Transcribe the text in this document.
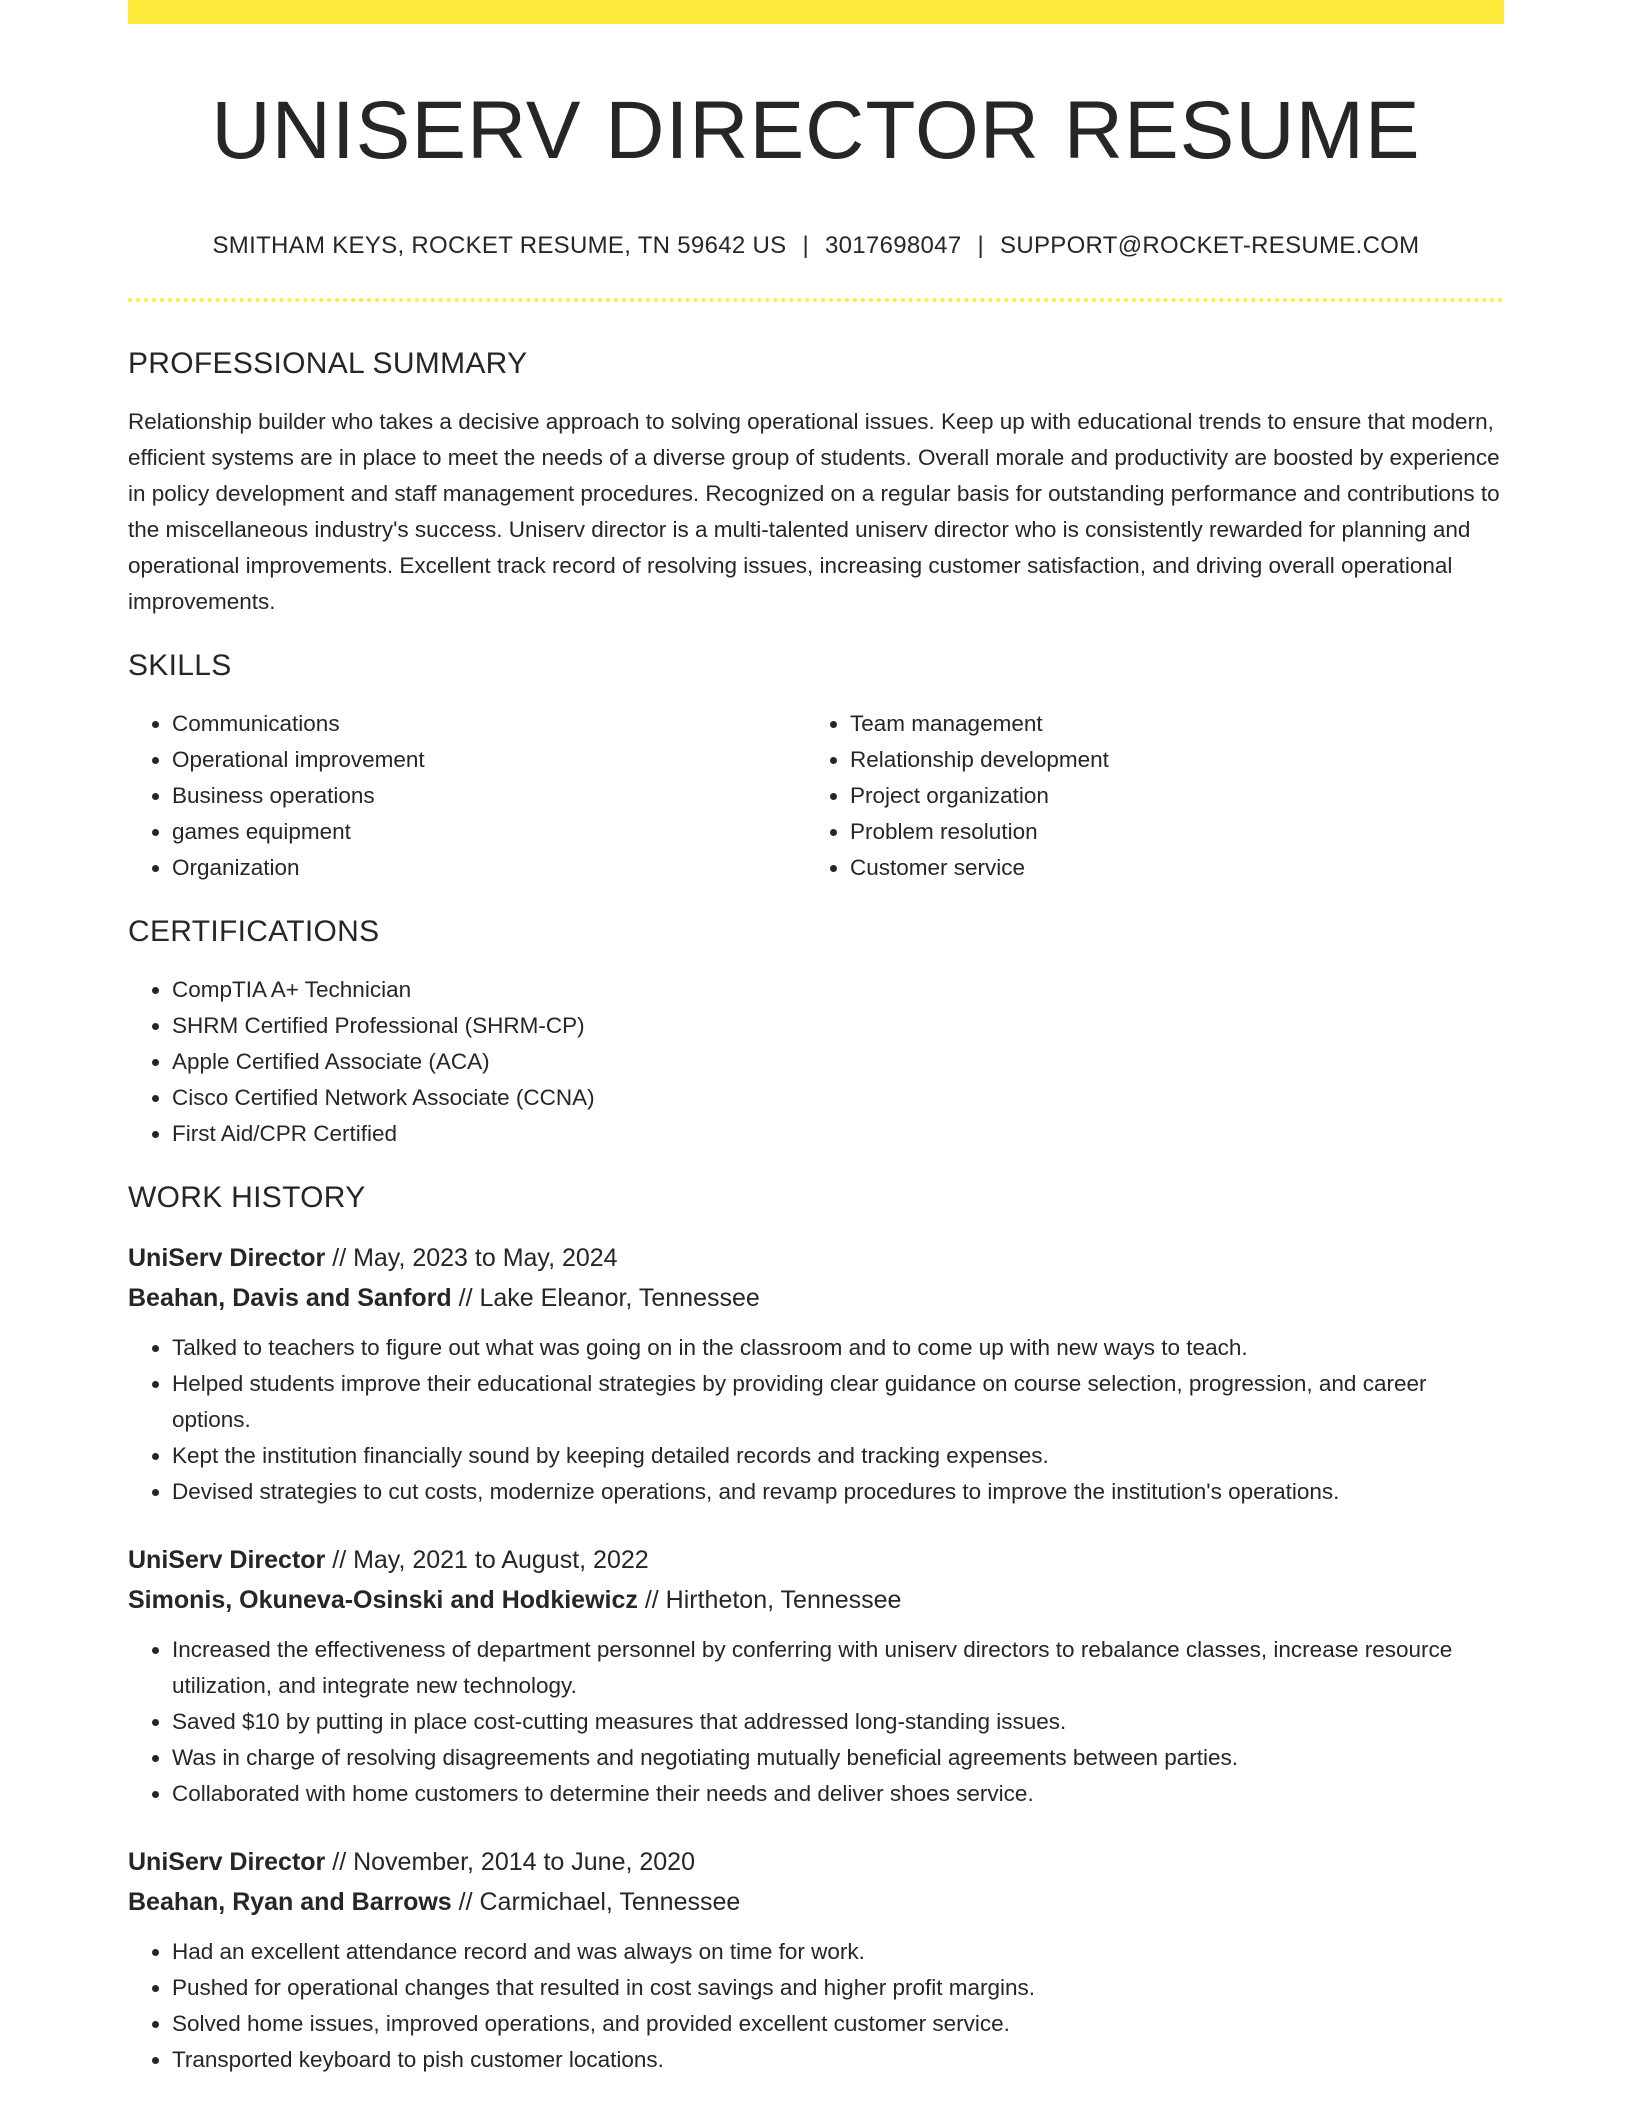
UNISERV DIRECTOR RESUME
SMITHAM KEYS, ROCKET RESUME, TN 59642 US | 3017698047 | SUPPORT@ROCKET-RESUME.COM
PROFESSIONAL SUMMARY

Relationship builder who takes a decisive approach to solving operational issues. Keep up with educational trends to ensure that modern, efficient systems are in place to meet the needs of a diverse group of students. Overall morale and productivity are boosted by experience in policy development and staff management procedures. Recognized on a regular basis for outstanding performance and contributions to the miscellaneous industry's success. Uniserv director is a multi-talented uniserv director who is consistently rewarded for planning and operational improvements. Excellent track record of resolving issues, increasing customer satisfaction, and driving overall operational improvements.

SKILLS
• Communications
• Operational improvement
• Business operations
• games equipment
• Organization
• Team management
• Relationship development
• Project organization
• Problem resolution
• Customer service
CERTIFICATIONS
• CompTIA A+ Technician
• SHRM Certified Professional (SHRM-CP)
• Apple Certified Associate (ACA)
• Cisco Certified Network Associate (CCNA)
• First Aid/CPR Certified
WORK HISTORY
UniServ Director // May, 2023 to May, 2024
Beahan, Davis and Sanford // Lake Eleanor, Tennessee
• Talked to teachers to figure out what was going on in the classroom and to come up with new ways to teach.
• Helped students improve their educational strategies by providing clear guidance on course selection, progression, and career options.
• Kept the institution financially sound by keeping detailed records and tracking expenses.
• Devised strategies to cut costs, modernize operations, and revamp procedures to improve the institution's operations.
UniServ Director // May, 2021 to August, 2022
Simonis, Okuneva-Osinski and Hodkiewicz // Hirtheton, Tennessee
• Increased the effectiveness of department personnel by conferring with uniserv directors to rebalance classes, increase resource utilization, and integrate new technology.
• Saved $10 by putting in place cost-cutting measures that addressed long-standing issues.
• Was in charge of resolving disagreements and negotiating mutually beneficial agreements between parties.
• Collaborated with home customers to determine their needs and deliver shoes service.
UniServ Director // November, 2014 to June, 2020
Beahan, Ryan and Barrows // Carmichael, Tennessee
• Had an excellent attendance record and was always on time for work.
• Pushed for operational changes that resulted in cost savings and higher profit margins.
• Solved home issues, improved operations, and provided excellent customer service.
• Transported keyboard to pish customer locations.
